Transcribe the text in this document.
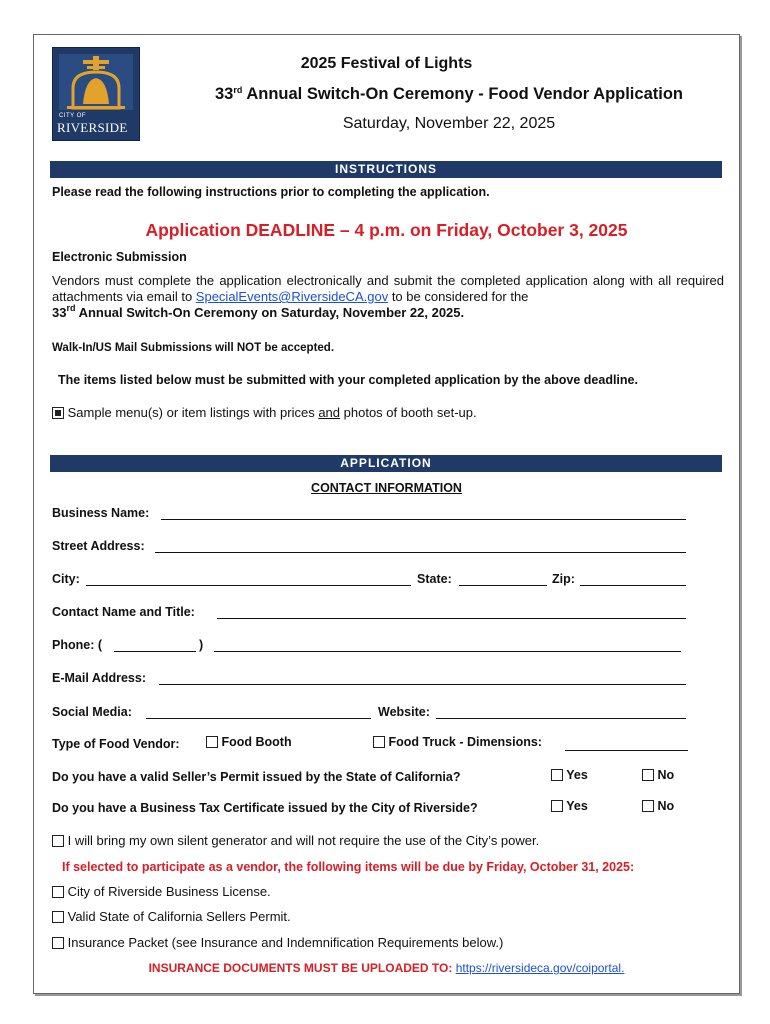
CITY OF
RIVERSIDE
2025 Festival of Lights
33rd Annual Switch-On Ceremony - Food Vendor Application
Saturday, November 22, 2025
INSTRUCTIONS
Please read the following instructions prior to completing the application.
Application DEADLINE – 4 p.m. on Friday, October 3, 2025
Electronic Submission
Vendors must complete the application electronically and submit the completed application along with all required attachments via email to SpecialEvents@RiversideCA.gov to be considered for the
33rd Annual Switch-On Ceremony on Saturday, November 22, 2025.
Walk-In/US Mail Submissions will NOT be accepted.
The items listed below must be submitted with your completed application by the above deadline.
Sample menu(s) or item listings with prices and photos of booth set-up.
APPLICATION
CONTACT INFORMATION
Business Name:
Street Address:
City:	State:	Zip:
Contact Name and Title:
Phone: (	)
E-Mail Address:
Social Media:	Website:
Type of Food Vendor:	Food Booth	Food Truck - Dimensions:
Do you have a valid Seller’s Permit issued by the State of California?	Yes	No
Do you have a Business Tax Certificate issued by the City of Riverside?	Yes	No
I will bring my own silent generator and will not require the use of the City’s power.
If selected to participate as a vendor, the following items will be due by Friday, October 31, 2025:
City of Riverside Business License.
Valid State of California Sellers Permit.
Insurance Packet (see Insurance and Indemnification Requirements below.)
INSURANCE DOCUMENTS MUST BE UPLOADED TO: https://riversideca.gov/coiportal.
